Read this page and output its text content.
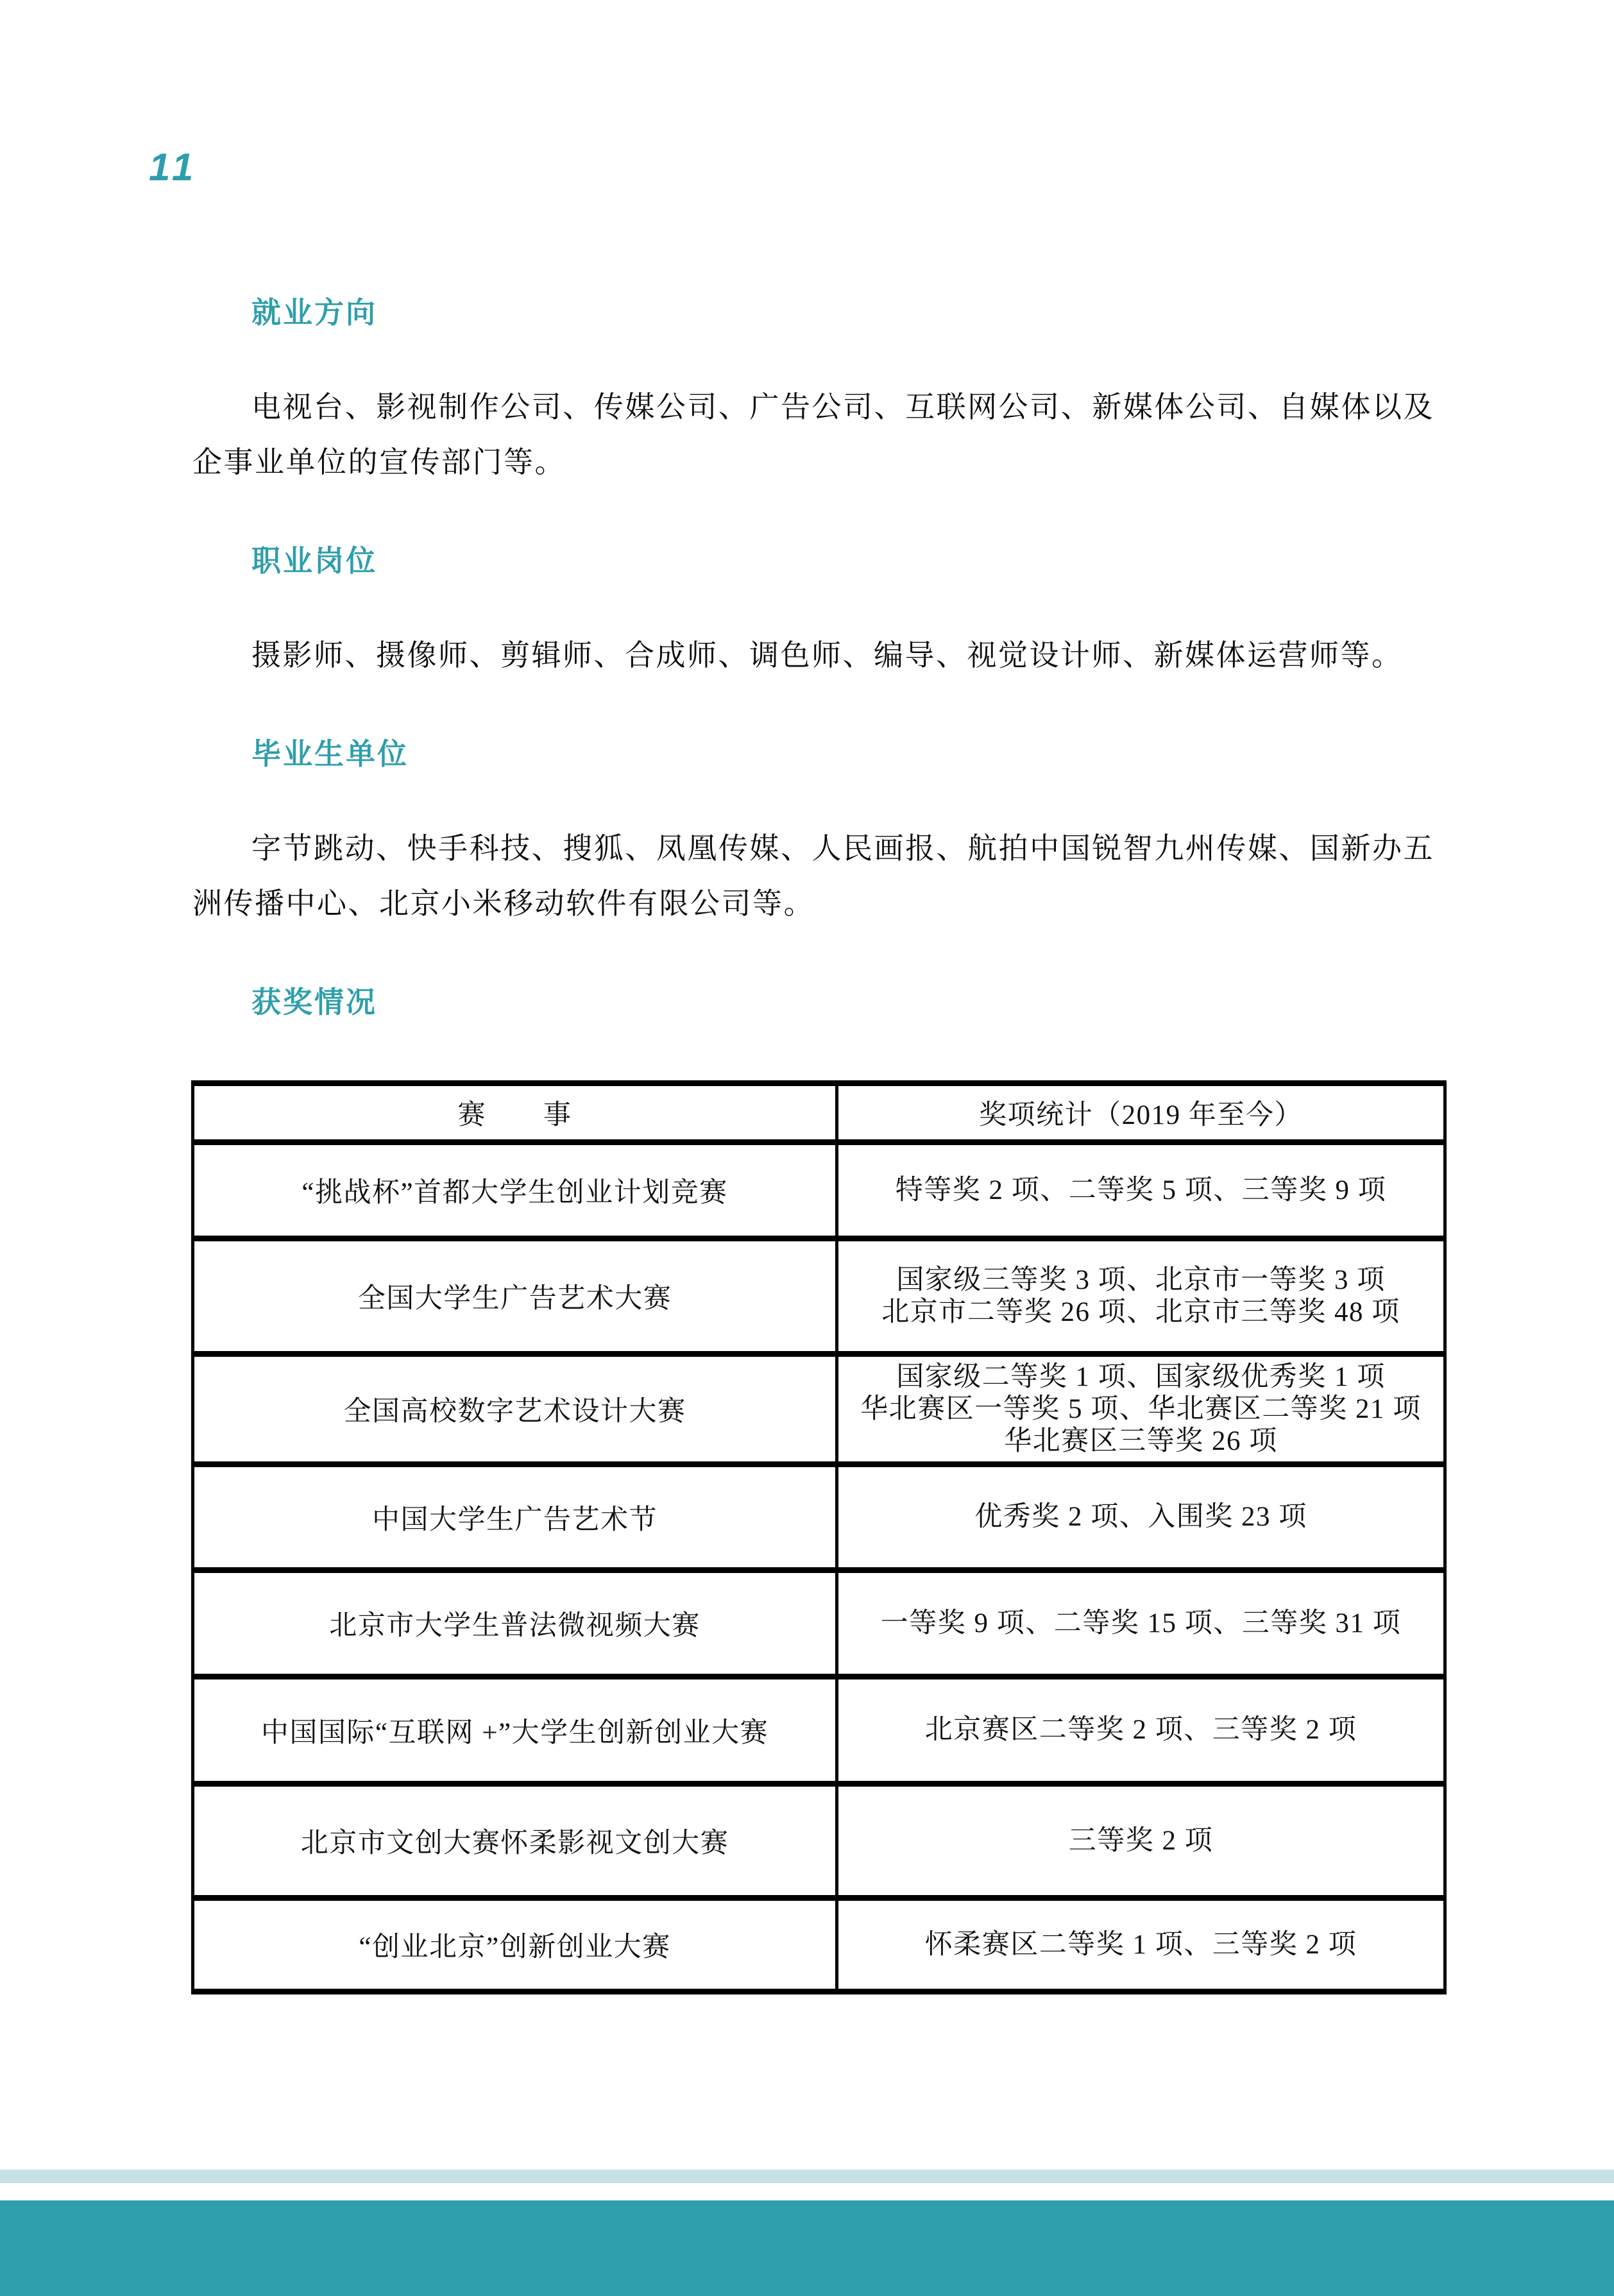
11
就业方向

电视台、影视制作公司、传媒公司、广告公司、互联网公司、新媒体公司、自媒体以及企事业单位的宣传部门等。

职业岗位

摄影师、摄像师、剪辑师、合成师、调色师、编导、视觉设计师、新媒体运营师等。

毕业生单位

字节跳动、快手科技、搜狐、凤凰传媒、人民画报、航拍中国锐智九州传媒、国新办五洲传播中心、北京小米移动软件有限公司等。

获奖情况
赛　　事	奖项统计（2019 年至今）
“挑战杯”首都大学生创业计划竞赛	特等奖 2 项、二等奖 5 项、三等奖 9 项

全国大学生广告艺术大赛	国家级三等奖 3 项、北京市一等奖 3 项
北京市二等奖 26 项、北京市三等奖 48 项

全国高校数字艺术设计大赛	国家级二等奖 1 项、国家级优秀奖 1 项
华北赛区一等奖 5 项、华北赛区二等奖 21 项
华北赛区三等奖 26 项

中国大学生广告艺术节	优秀奖 2 项、入围奖 23 项

北京市大学生普法微视频大赛	一等奖 9 项、二等奖 15 项、三等奖 31 项

中国国际“互联网 +”大学生创新创业大赛	北京赛区二等奖 2 项、三等奖 2 项

北京市文创大赛怀柔影视文创大赛	三等奖 2 项

“创业北京”创新创业大赛	怀柔赛区二等奖 1 项、三等奖 2 项
